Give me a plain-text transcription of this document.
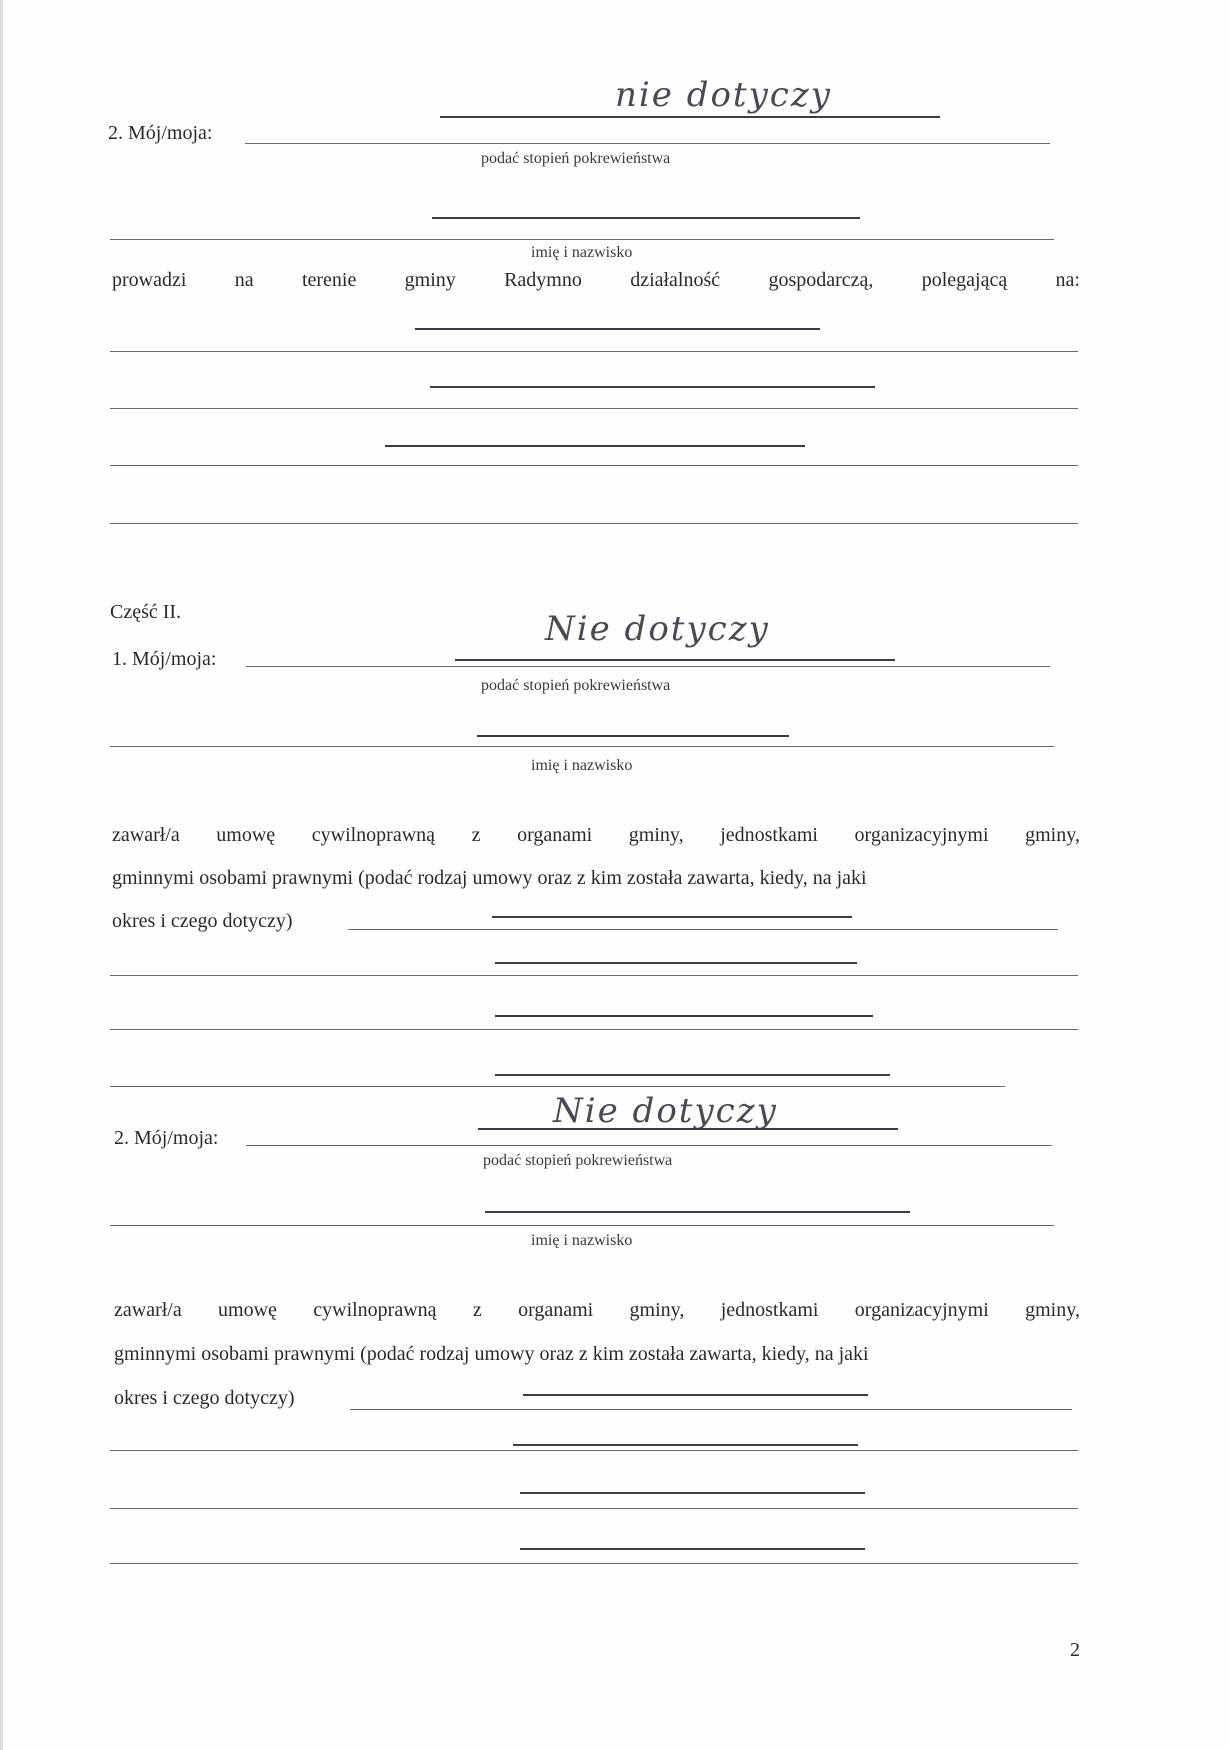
nie dotyczy
2. Mój/moja:
podać stopień pokrewieństwa
imię i nazwisko
prowadzi na terenie gminy Radymno działalność gospodarczą, polegającą na:
Część II.	Nie dotyczy
1. Mój/moja:
podać stopień pokrewieństwa
imię i nazwisko
zawarł/a umowę cywilnoprawną z organami gminy, jednostkami organizacyjnymi gminy,
gminnymi osobami prawnymi (podać rodzaj umowy oraz z kim została zawarta, kiedy, na jaki
okres i czego dotyczy)
Nie dotyczy
2. Mój/moja:
podać stopień pokrewieństwa
imię i nazwisko
zawarł/a umowę cywilnoprawną z organami gminy, jednostkami organizacyjnymi gminy,
gminnymi osobami prawnymi (podać rodzaj umowy oraz z kim została zawarta, kiedy, na jaki
okres i czego dotyczy)
2
